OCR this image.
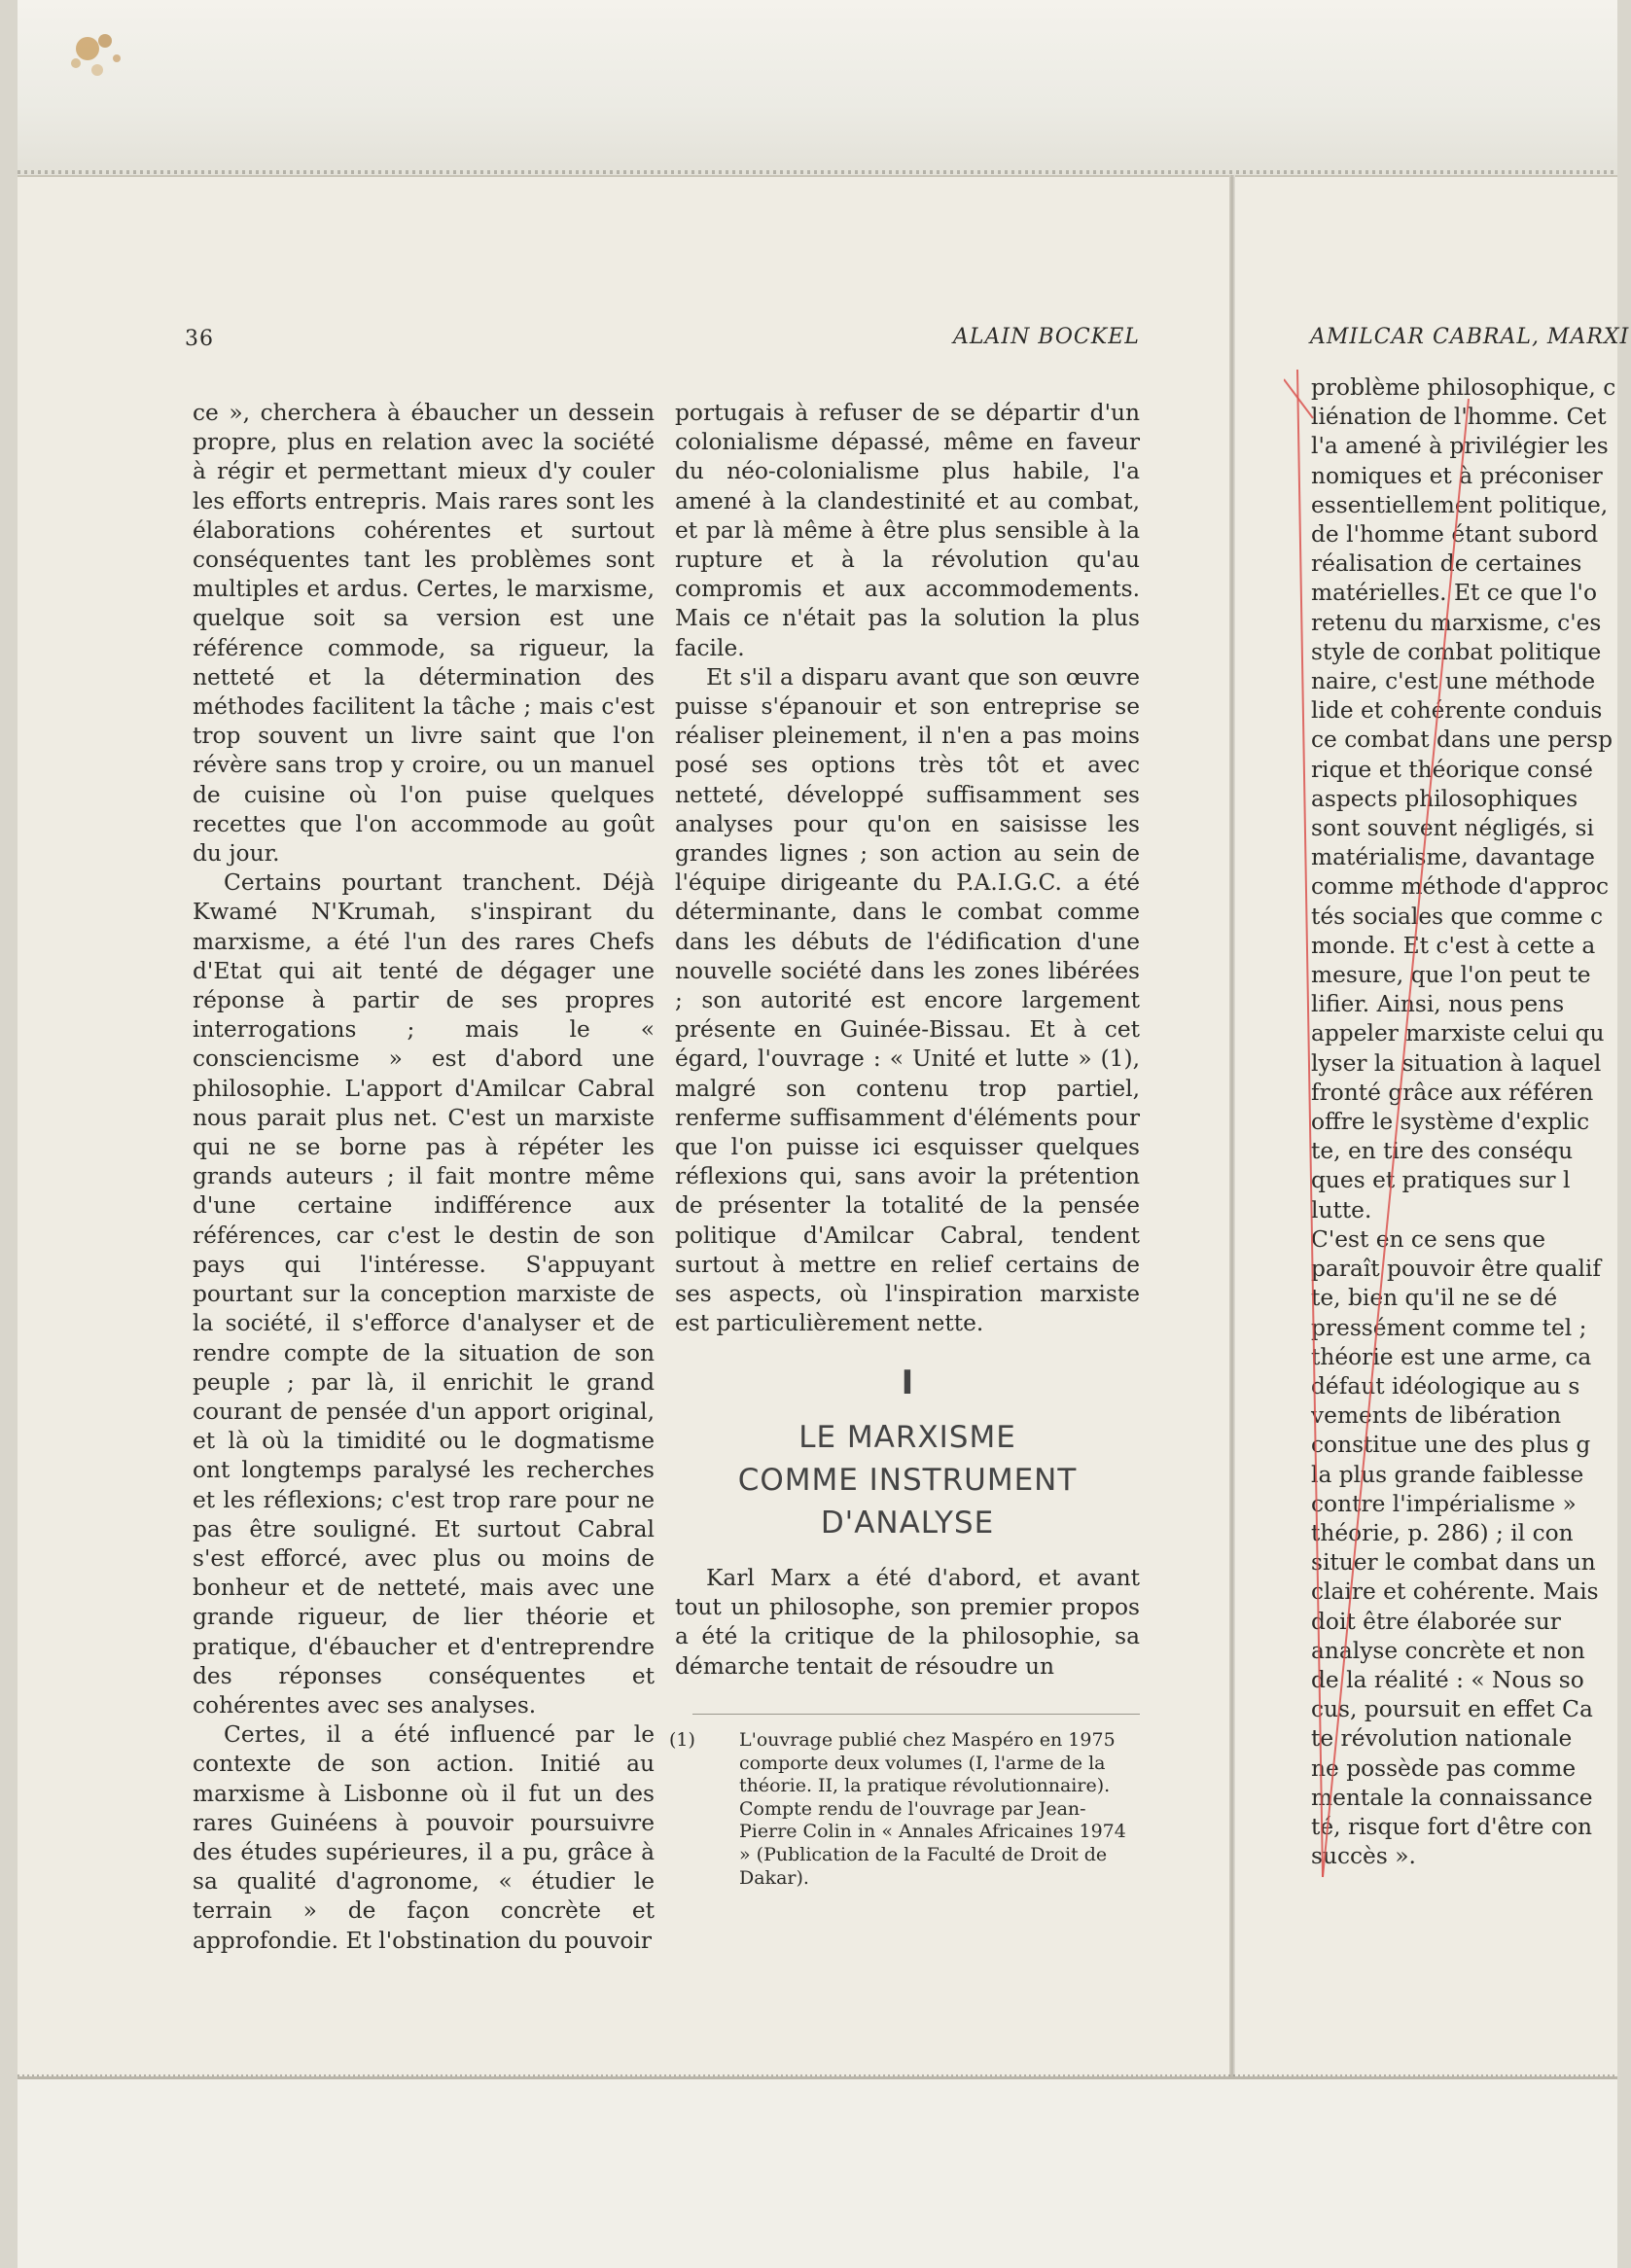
36	ALAIN BOCKEL	AMILCAR CABRAL, MARXI

ce », cherchera à ébaucher un dessein propre, plus en relation avec la société à régir et permettant mieux d'y couler les efforts entrepris. Mais rares sont les élaborations cohérentes et surtout conséquentes tant les problèmes sont multiples et ardus. Certes, le marxisme, quelque soit sa version est une référence commode, sa rigueur, la netteté et la détermination des méthodes facilitent la tâche ; mais c'est trop souvent un livre saint que l'on révère sans trop y croire, ou un manuel de cuisine où l'on puise quelques recettes que l'on accommode au goût du jour.

Certains pourtant tranchent. Déjà Kwamé N'Krumah, s'inspirant du marxisme, a été l'un des rares Chefs d'Etat qui ait tenté de dégager une réponse à partir de ses propres interrogations ; mais le « consciencisme » est d'abord une philosophie. L'apport d'Amilcar Cabral nous parait plus net. C'est un marxiste qui ne se borne pas à répéter les grands auteurs ; il fait montre même d'une certaine indifférence aux références, car c'est le destin de son pays qui l'intéresse. S'appuyant pourtant sur la conception marxiste de la société, il s'efforce d'analyser et de rendre compte de la situation de son peuple ; par là, il enrichit le grand courant de pensée d'un apport original, et là où la timidité ou le dogmatisme ont longtemps paralysé les recherches et les réflexions; c'est trop rare pour ne pas être souligné. Et surtout Cabral s'est efforcé, avec plus ou moins de bonheur et de netteté, mais avec une grande rigueur, de lier théorie et pratique, d'ébaucher et d'entreprendre des réponses conséquentes et cohérentes avec ses analyses.

Certes, il a été influencé par le contexte de son action. Initié au marxisme à Lisbonne où il fut un des rares Guinéens à pouvoir poursuivre des études supérieures, il a pu, grâce à sa qualité d'agronome, « étudier le terrain » de façon concrète et approfondie. Et l'obstination du pouvoir

portugais à refuser de se départir d'un colonialisme dépassé, même en faveur du néo-colonialisme plus habile, l'a amené à la clandestinité et au combat, et par là même à être plus sensible à la rupture et à la révolution qu'au compromis et aux accommodements. Mais ce n'était pas la solution la plus facile.

Et s'il a disparu avant que son œuvre puisse s'épanouir et son entreprise se réaliser pleinement, il n'en a pas moins posé ses options très tôt et avec netteté, développé suffisamment ses analyses pour qu'on en saisisse les grandes lignes ; son action au sein de l'équipe dirigeante du P.A.I.G.C. a été déterminante, dans le combat comme dans les débuts de l'édification d'une nouvelle société dans les zones libérées ; son autorité est encore largement présente en Guinée-Bissau. Et à cet égard, l'ouvrage : « Unité et lutte » (1), malgré son contenu trop partiel, renferme suffisamment d'éléments pour que l'on puisse ici esquisser quelques réflexions qui, sans avoir la prétention de présenter la totalité de la pensée politique d'Amilcar Cabral, tendent surtout à mettre en relief certains de ses aspects, où l'inspiration marxiste est particulièrement nette.

I
LE MARXISME
COMME INSTRUMENT
D'ANALYSE

Karl Marx a été d'abord, et avant tout un philosophe, son premier propos a été la critique de la philosophie, sa démarche tentait de résoudre un

(1)	L'ouvrage publié chez Maspéro en 1975 comporte deux volumes (I, l'arme de la théorie. II, la pratique révolutionnaire). Compte rendu de l'ouvrage par Jean-Pierre Colin in « Annales Africaines 1974 » (Publication de la Faculté de Droit de Dakar).
problème philosophique, c
liénation de l'homme. Cet
l'a amené à privilégier les
nomiques et à préconiser
essentiellement politique,
de l'homme étant subord
réalisation de certaines
matérielles. Et ce que l'o
retenu du marxisme, c'es
style de combat politique
naire, c'est une méthode
lide et cohérente conduis
ce combat dans une persp
rique et théorique consé
aspects philosophiques
sont souvent négligés, si
matérialisme, davantage
comme méthode d'approc
tés sociales que comme c
monde. Et c'est à cette a
mesure, que l'on peut te
lifier. Ainsi, nous pens
appeler marxiste celui qu
lyser la situation à laquel
fronté grâce aux référen
offre le système d'explic
te, en tire des conséqu
ques et pratiques sur l
lutte.
C'est en ce sens que
paraît pouvoir être qualif
te, bien qu'il ne se dé
pressément comme tel ;
théorie est une arme, ca
défaut idéologique au s
vements de libération
constitue une des plus g
la plus grande faiblesse
contre l'impérialisme »
théorie, p. 286) ; il con
situer le combat dans un
claire et cohérente. Mais
doit être élaborée sur
analyse concrète et non
de la réalité : « Nous so
cus, poursuit en effet Ca
te révolution nationale
ne possède pas comme
mentale la connaissance
té, risque fort d'être con
succès ».
